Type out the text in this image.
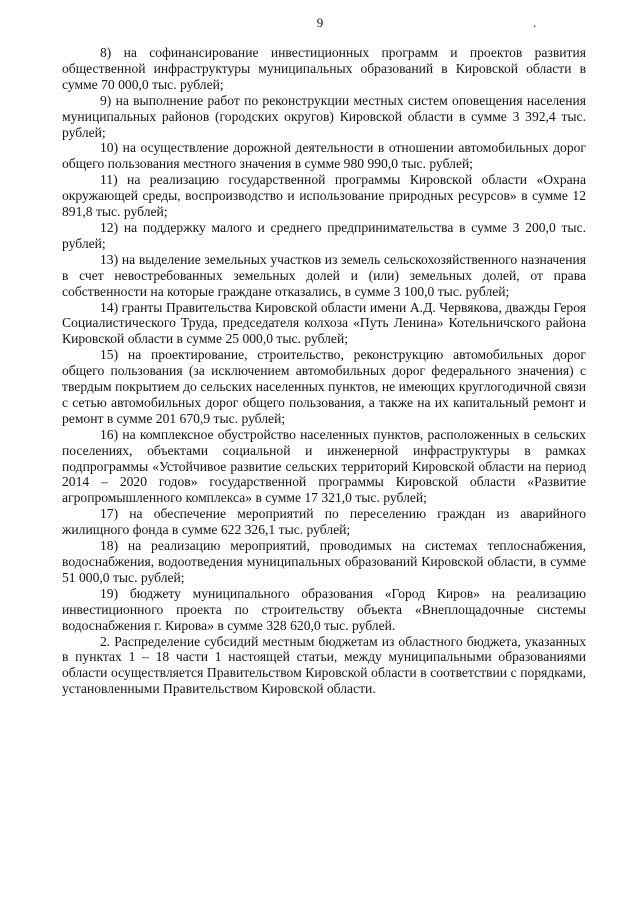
9	.

8) на софинансирование инвестиционных программ и проектов развития общественной инфраструктуры муниципальных образований в Кировской области в сумме 70 000,0 тыс. рублей;

9) на выполнение работ по реконструкции местных систем оповещения населения муниципальных районов (городских округов) Кировской области в сумме 3 392,4 тыс. рублей;

10) на осуществление дорожной деятельности в отношении автомобильных дорог общего пользования местного значения в сумме 980 990,0 тыс. рублей;

11) на реализацию государственной программы Кировской области «Охрана окружающей среды, воспроизводство и использование природных ресурсов» в сумме 12 891,8 тыс. рублей;

12) на поддержку малого и среднего предпринимательства в сумме 3 200,0 тыс. рублей;

13) на выделение земельных участков из земель сельскохозяйственного назначения в счет невостребованных земельных долей и (или) земельных долей, от права собственности на которые граждане отказались, в сумме 3 100,0 тыс. рублей;

14) гранты Правительства Кировской области имени А.Д. Червякова, дважды Героя Социалистического Труда, председателя колхоза «Путь Ленина» Котельничского района Кировской области в сумме 25 000,0 тыс. рублей;

15) на проектирование, строительство, реконструкцию автомобильных дорог общего пользования (за исключением автомобильных дорог федерального значения) с твердым покрытием до сельских населенных пунктов, не имеющих круглогодичной связи с сетью автомобильных дорог общего пользования, а также на их капитальный ремонт и ремонт в сумме 201 670,9 тыс. рублей;

16) на комплексное обустройство населенных пунктов, расположенных в сельских поселениях, объектами социальной и инженерной инфраструктуры в рамках подпрограммы «Устойчивое развитие сельских территорий Кировской области на период 2014 – 2020 годов» государственной программы Кировской области «Развитие агропромышленного комплекса» в сумме 17 321,0 тыс. рублей;

17) на обеспечение мероприятий по переселению граждан из аварийного жилищного фонда в сумме 622 326,1 тыс. рублей;

18) на реализацию мероприятий, проводимых на системах теплоснабжения, водоснабжения, водоотведения муниципальных образований Кировской области, в сумме 51 000,0 тыс. рублей;

19) бюджету муниципального образования «Город Киров» на реализацию инвестиционного проекта по строительству объекта «Внеплощадочные системы водоснабжения г. Кирова» в сумме 328 620,0 тыс. рублей.

2. Распределение субсидий местным бюджетам из областного бюджета, указанных в пунктах 1 – 18 части 1 настоящей статьи, между муниципальными образованиями области осуществляется Правительством Кировской области в соответствии с порядками, установленными Правительством Кировской области.
